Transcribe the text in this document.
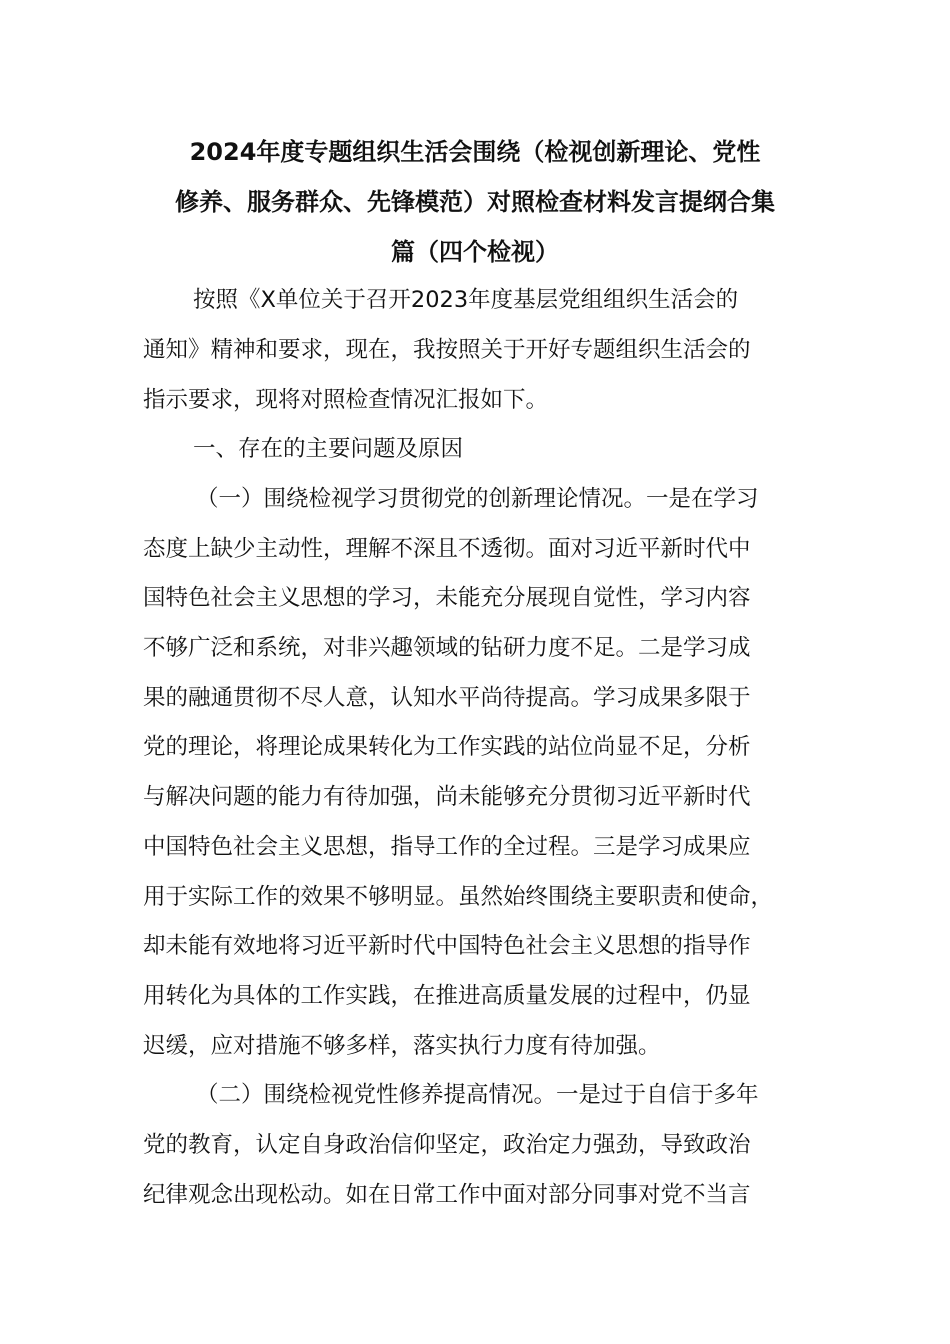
2024年度专题组织生活会围绕（检视创新理论、党性
修养、服务群众、先锋模范）对照检查材料发言提纲合集
篇（四个检视）
按照《X单位关于召开2023年度基层党组组织生活会的
通知》精神和要求，现在，我按照关于开好专题组织生活会的
指示要求，现将对照检查情况汇报如下。
一、存在的主要问题及原因
（一）围绕检视学习贯彻党的创新理论情况。一是在学习
态度上缺少主动性，理解不深且不透彻。面对习近平新时代中
国特色社会主义思想的学习，未能充分展现自觉性，学习内容
不够广泛和系统，对非兴趣领域的钻研力度不足。二是学习成
果的融通贯彻不尽人意，认知水平尚待提高。学习成果多限于
党的理论，将理论成果转化为工作实践的站位尚显不足，分析
与解决问题的能力有待加强，尚未能够充分贯彻习近平新时代
中国特色社会主义思想，指导工作的全过程。三是学习成果应
用于实际工作的效果不够明显。虽然始终围绕主要职责和使命，
却未能有效地将习近平新时代中国特色社会主义思想的指导作
用转化为具体的工作实践，在推进高质量发展的过程中，仍显
迟缓，应对措施不够多样，落实执行力度有待加强。
（二）围绕检视党性修养提高情况。一是过于自信于多年
党的教育，认定自身政治信仰坚定，政治定力强劲，导致政治
纪律观念出现松动。如在日常工作中面对部分同事对党不当言
